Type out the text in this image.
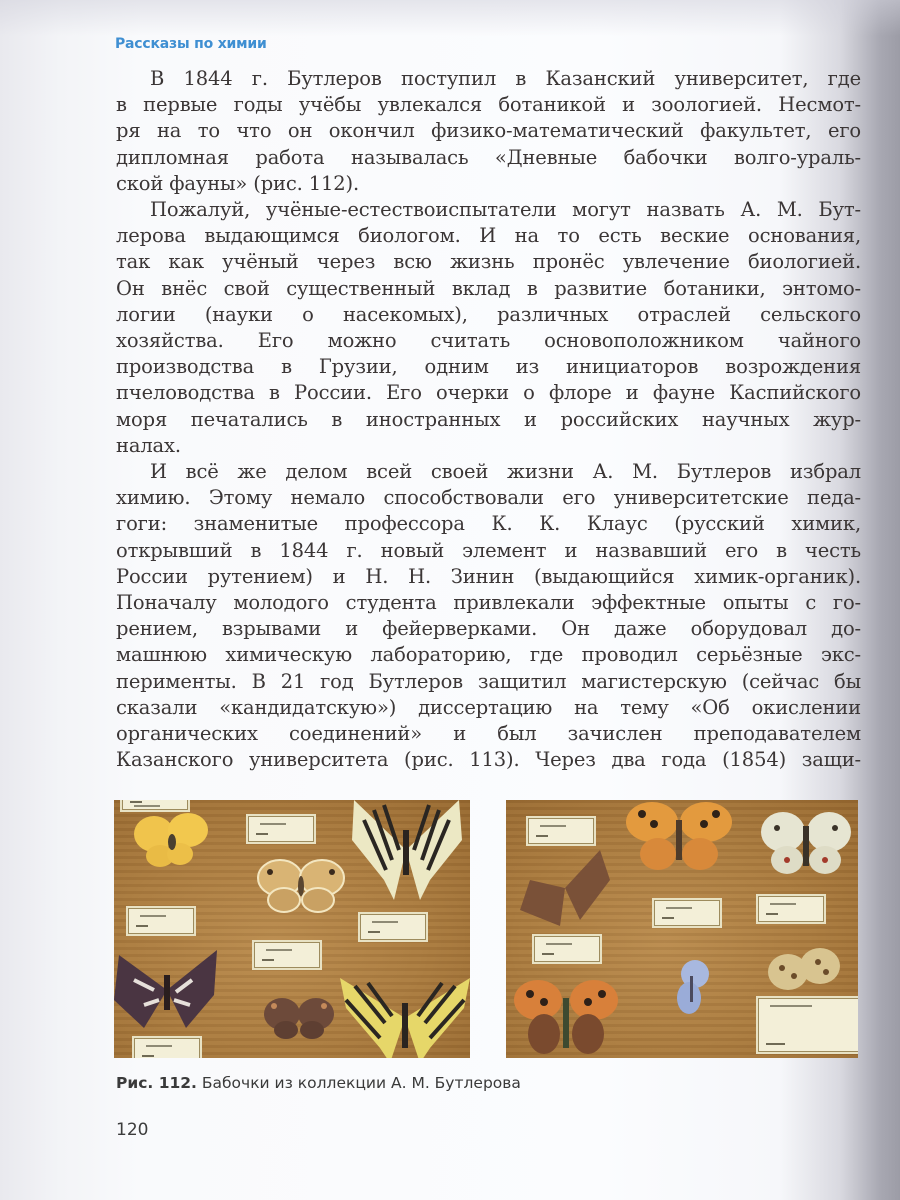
Рассказы по химии

В 1844 г. Бутлеров поступил в Казанский университет, где
в первые годы учёбы увлекался ботаникой и зоологией. Несмот-
ря на то что он окончил физико-математический факультет, его
дипломная работа называлась «Дневные бабочки волго-ураль-
ской фауны» (рис. 112).

Пожалуй, учёные-естествоиспытатели могут назвать А. М. Бут-
лерова выдающимся биологом. И на то есть веские основания,
так как учёный через всю жизнь пронёс увлечение биологией.
Он внёс свой существенный вклад в развитие ботаники, энтомо-
логии (науки о насекомых), различных отраслей сельского
хозяйства. Его можно считать основоположником чайного
производства в Грузии, одним из инициаторов возрождения
пчеловодства в России. Его очерки о флоре и фауне Каспийского
моря печатались в иностранных и российских научных жур-
налах.

И всё же делом всей своей жизни А. М. Бутлеров избрал
химию. Этому немало способствовали его университетские педа-
гоги: знаменитые профессора К. К. Клаус (русский химик,
открывший в 1844 г. новый элемент и назвавший его в честь
России рутением) и Н. Н. Зинин (выдающийся химик-органик).
Поначалу молодого студента привлекали эффектные опыты с го-
рением, взрывами и фейерверками. Он даже оборудовал до-
машнюю химическую лабораторию, где проводил серьёзные экс-
перименты. В 21 год Бутлеров защитил магистерскую (сейчас бы
сказали «кандидатскую») диссертацию на тему «Об окислении
органических соединений» и был зачислен преподавателем
Казанского университета (рис. 113). Через два года (1854) защи-

Рис. 112. Бабочки из коллекции А. М. Бутлерова
120
